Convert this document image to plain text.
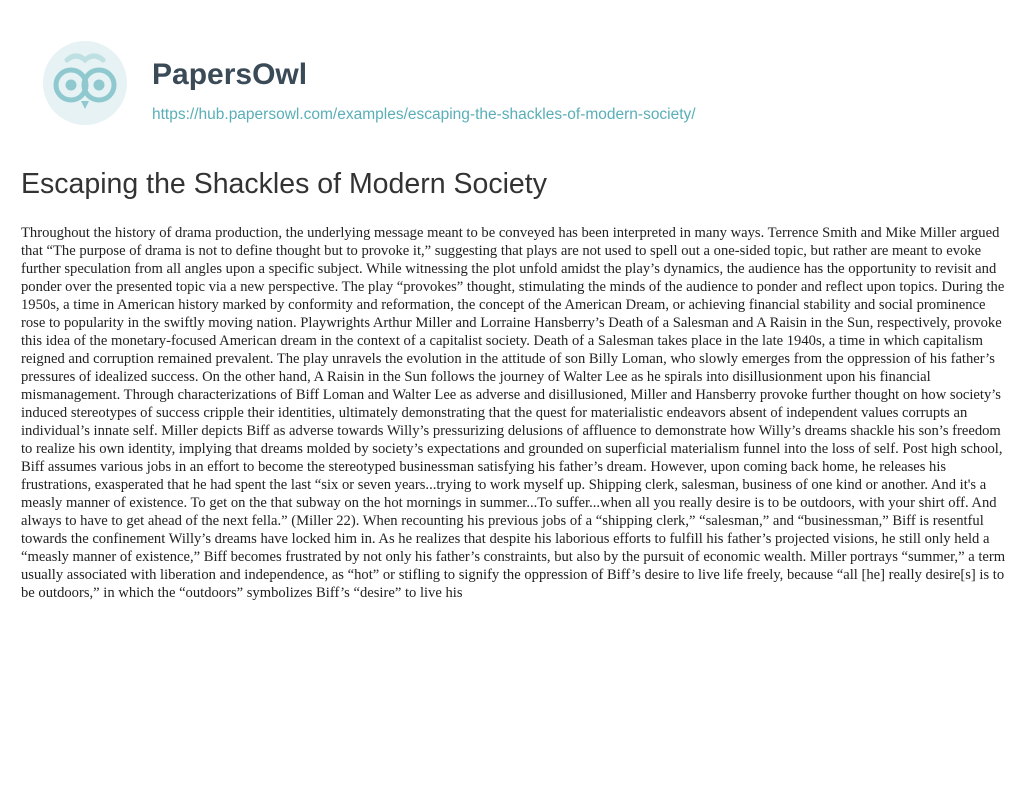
PapersOwl
https://hub.papersowl.com/examples/escaping-the-shackles-of-modern-society/
Escaping the Shackles of Modern Society

Throughout the history of drama production, the underlying message meant to be conveyed has been interpreted in many ways. Terrence Smith and Mike Miller argued that “The purpose of drama is not to define thought but to provoke it,” suggesting that plays are not used to spell out a one-sided topic, but rather are meant to evoke further speculation from all angles upon a specific subject. While witnessing the plot unfold amidst the play’s dynamics, the audience has the opportunity to revisit and ponder over the presented topic via a new perspective. The play “provokes” thought, stimulating the minds of the audience to ponder and reflect upon topics. During the 1950s, a time in American history marked by conformity and reformation, the concept of the American Dream, or achieving financial stability and social prominence rose to popularity in the swiftly moving nation. Playwrights Arthur Miller and Lorraine Hansberry’s Death of a Salesman and A Raisin in the Sun, respectively, provoke this idea of the monetary-focused American dream in the context of a capitalist society. Death of a Salesman takes place in the late 1940s, a time in which capitalism reigned and corruption remained prevalent. The play unravels the evolution in the attitude of son Billy Loman, who slowly emerges from the oppression of his father’s pressures of idealized success. On the other hand, A Raisin in the Sun follows the journey of Walter Lee as he spirals into disillusionment upon his financial mismanagement. Through characterizations of Biff Loman and Walter Lee as adverse and disillusioned, Miller and Hansberry provoke further thought on how society’s induced stereotypes of success cripple their identities, ultimately demonstrating that the quest for materialistic endeavors absent of independent values corrupts an individual’s innate self. Miller depicts Biff as adverse towards Willy’s pressurizing delusions of affluence to demonstrate how Willy’s dreams shackle his son’s freedom to realize his own identity, implying that dreams molded by society’s expectations and grounded on superficial materialism funnel into the loss of self. Post high school, Biff assumes various jobs in an effort to become the stereotyped businessman satisfying his father’s dream. However, upon coming back home, he releases his frustrations, exasperated that he had spent the last “six or seven years...trying to work myself up. Shipping clerk, salesman, business of one kind or another. And it's a measly manner of existence. To get on the that subway on the hot mornings in summer...To suffer...when all you really desire is to be outdoors, with your shirt off. And always to have to get ahead of the next fella.” (Miller 22). When recounting his previous jobs of a “shipping clerk,” “salesman,” and “businessman,” Biff is resentful towards the confinement Willy’s dreams have locked him in. As he realizes that despite his laborious efforts to fulfill his father’s projected visions, he still only held a “measly manner of existence,” Biff becomes frustrated by not only his father’s constraints, but also by the pursuit of economic wealth. Miller portrays “summer,” a term usually associated with liberation and independence, as “hot” or stifling to signify the oppression of Biff’s desire to live life freely, because “all [he] really desire[s] is to be outdoors,” in which the “outdoors” symbolizes Biff’s “desire” to live his
